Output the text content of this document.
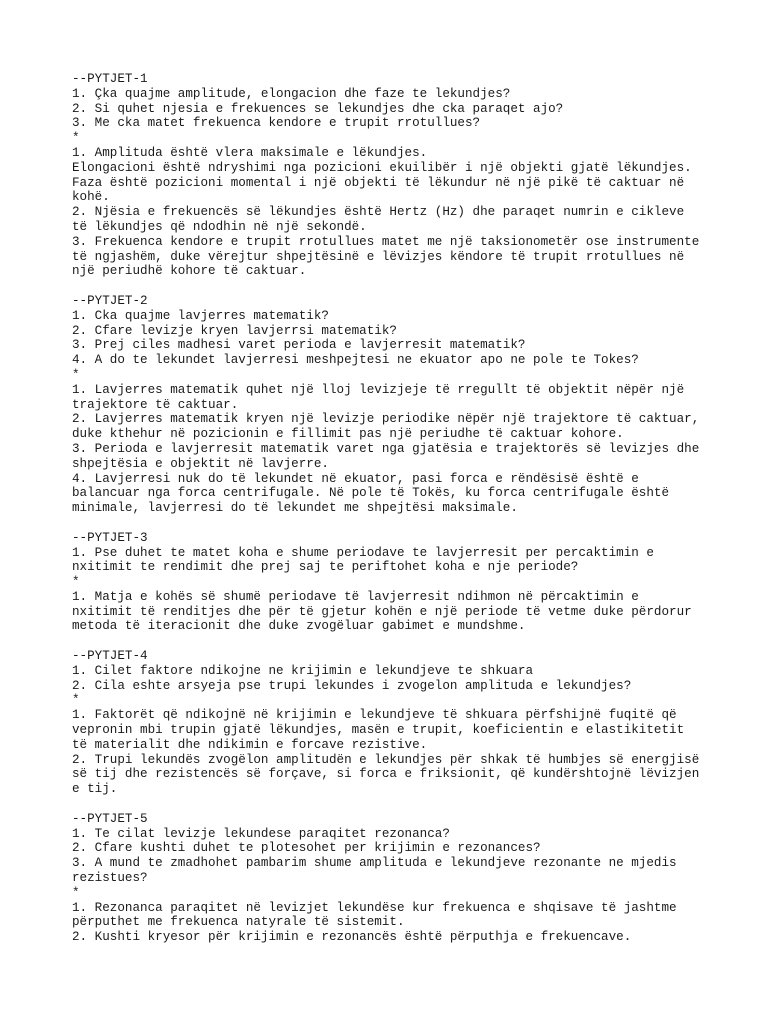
--PYTJET-1
1. Çka quajme amplitude, elongacion dhe faze te lekundjes?
2. Si quhet njesia e frekuences se lekundjes dhe cka paraqet ajo?
3. Me cka matet frekuenca kendore e trupit rrotullues?
*
1. Amplituda është vlera maksimale e lëkundjes.
Elongacioni është ndryshimi nga pozicioni ekuilibër i një objekti gjatë lëkundjes.
Faza është pozicioni momental i një objekti të lëkundur në një pikë të caktuar në kohë.
2. Njësia e frekuencës së lëkundjes është Hertz (Hz) dhe paraqet numrin e cikleve të lëkundjes që ndodhin në një sekondë.
3. Frekuenca kendore e trupit rrotullues matet me një taksionometër ose instrumente të ngjashëm, duke vërejtur shpejtësinë e lëvizjes këndore të trupit rrotullues në një periudhë kohore të caktuar.
--PYTJET-2
1. Cka quajme lavjerres matematik?
2. Cfare levizje kryen lavjerrsi matematik?
3. Prej ciles madhesi varet perioda e lavjerresit matematik?
4. A do te lekundet lavjerresi meshpejtesi ne ekuator apo ne pole te Tokes?
*
1. Lavjerres matematik quhet një lloj levizjeje të rregullt të objektit nëpër një trajektore të caktuar.
2. Lavjerres matematik kryen një levizje periodike nëpër një trajektore të caktuar, duke kthehur në pozicionin e fillimit pas një periudhe të caktuar kohore.
3. Perioda e lavjerresit matematik varet nga gjatësia e trajektorës së levizjes dhe shpejtësia e objektit në lavjerre.
4. Lavjerresi nuk do të lekundet në ekuator, pasi forca e rëndësisë është e balancuar nga forca centrifugale. Në pole të Tokës, ku forca centrifugale është minimale, lavjerresi do të lekundet me shpejtësi maksimale.
--PYTJET-3
1. Pse duhet te matet koha e shume periodave te lavjerresit per percaktimin e nxitimit te rendimit dhe prej saj te periftohet koha e nje periode?
*
1. Matja e kohës së shumë periodave të lavjerresit ndihmon në përcaktimin e nxitimit të renditjes dhe për të gjetur kohën e një periode të vetme duke përdorur metoda të iteracionit dhe duke zvogëluar gabimet e mundshme.
--PYTJET-4
1. Cilet faktore ndikojne ne krijimin e lekundjeve te shkuara
2. Cila eshte arsyeja pse trupi lekundes i zvogelon amplituda e lekundjes?
*
1. Faktorët që ndikojnë në krijimin e lekundjeve të shkuara përfshijnë fuqitë që vepronin mbi trupin gjatë lëkundjes, masën e trupit, koeficientin e elastikitetit të materialit dhe ndikimin e forcave rezistive.
2. Trupi lekundës zvogëlon amplitudën e lekundjes për shkak të humbjes së energjisë së tij dhe rezistencës së forçave, si forca e friksionit, që kundërshtojnë lëvizjen e tij.
--PYTJET-5
1. Te cilat levizje lekundese paraqitet rezonanca?
2. Cfare kushti duhet te plotesohet per krijimin e rezonances?
3. A mund te zmadhohet pambarim shume amplituda e lekundjeve rezonante ne mjedis rezistues?
*
1. Rezonanca paraqitet në levizjet lekundëse kur frekuenca e shqisave të jashtme përputhet me frekuenca natyrale të sistemit.
2. Kushti kryesor për krijimin e rezonancës është përputhja e frekuencave.
